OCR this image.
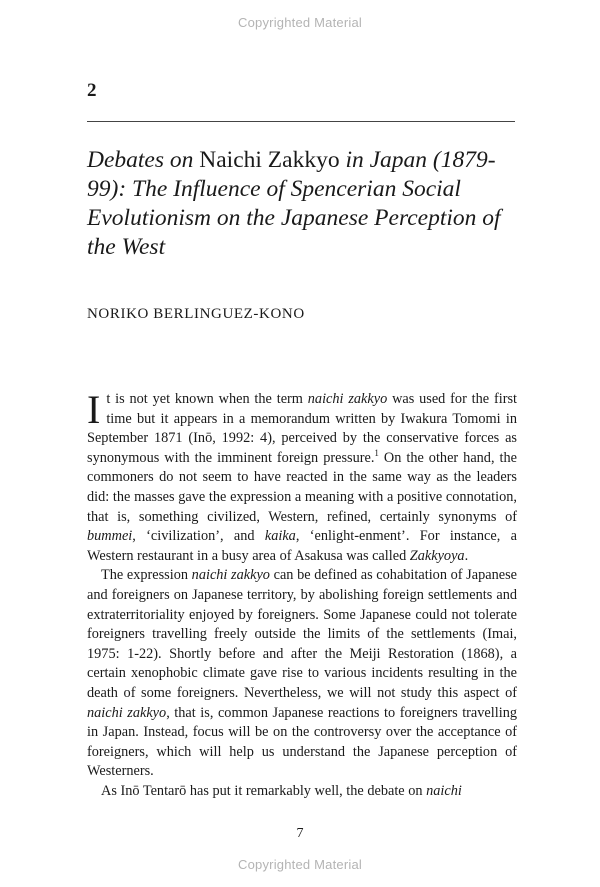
Copyrighted Material
2
Debates on Naichi Zakkyo in Japan (1879-99): The Influence of Spencerian Social Evolutionism on the Japanese Perception of the West
NORIKO BERLINGUEZ-KONO

It is not yet known when the term naichi zakkyo was used for the first time but it appears in a memorandum written by Iwakura Tomomi in September 1871 (Inō, 1992: 4), perceived by the conservative forces as synonymous with the imminent foreign pressure.$^1$ On the other hand, the commoners do not seem to have reacted in the same way as the leaders did: the masses gave the expression a meaning with a positive connotation, that is, something civilized, Western, refined, certainly synonyms of bummei, ‘civilization’, and kaika, ‘enlight-enment’. For instance, a Western restaurant in a busy area of Asakusa was called Zakkyoya.

The expression naichi zakkyo can be defined as cohabitation of Japanese and foreigners on Japanese territory, by abolishing foreign settlements and extraterritoriality enjoyed by foreigners. Some Japanese could not tolerate foreigners travelling freely outside the limits of the settlements (Imai, 1975: 1-22). Shortly before and after the Meiji Restoration (1868), a certain xenophobic climate gave rise to various incidents resulting in the death of some foreigners. Nevertheless, we will not study this aspect of naichi zakkyo, that is, common Japanese reactions to foreigners travelling in Japan. Instead, focus will be on the controversy over the acceptance of foreigners, which will help us understand the Japanese perception of Westerners.

As Inō Tentarō has put it remarkably well, the debate on naichi

7
Copyrighted Material
